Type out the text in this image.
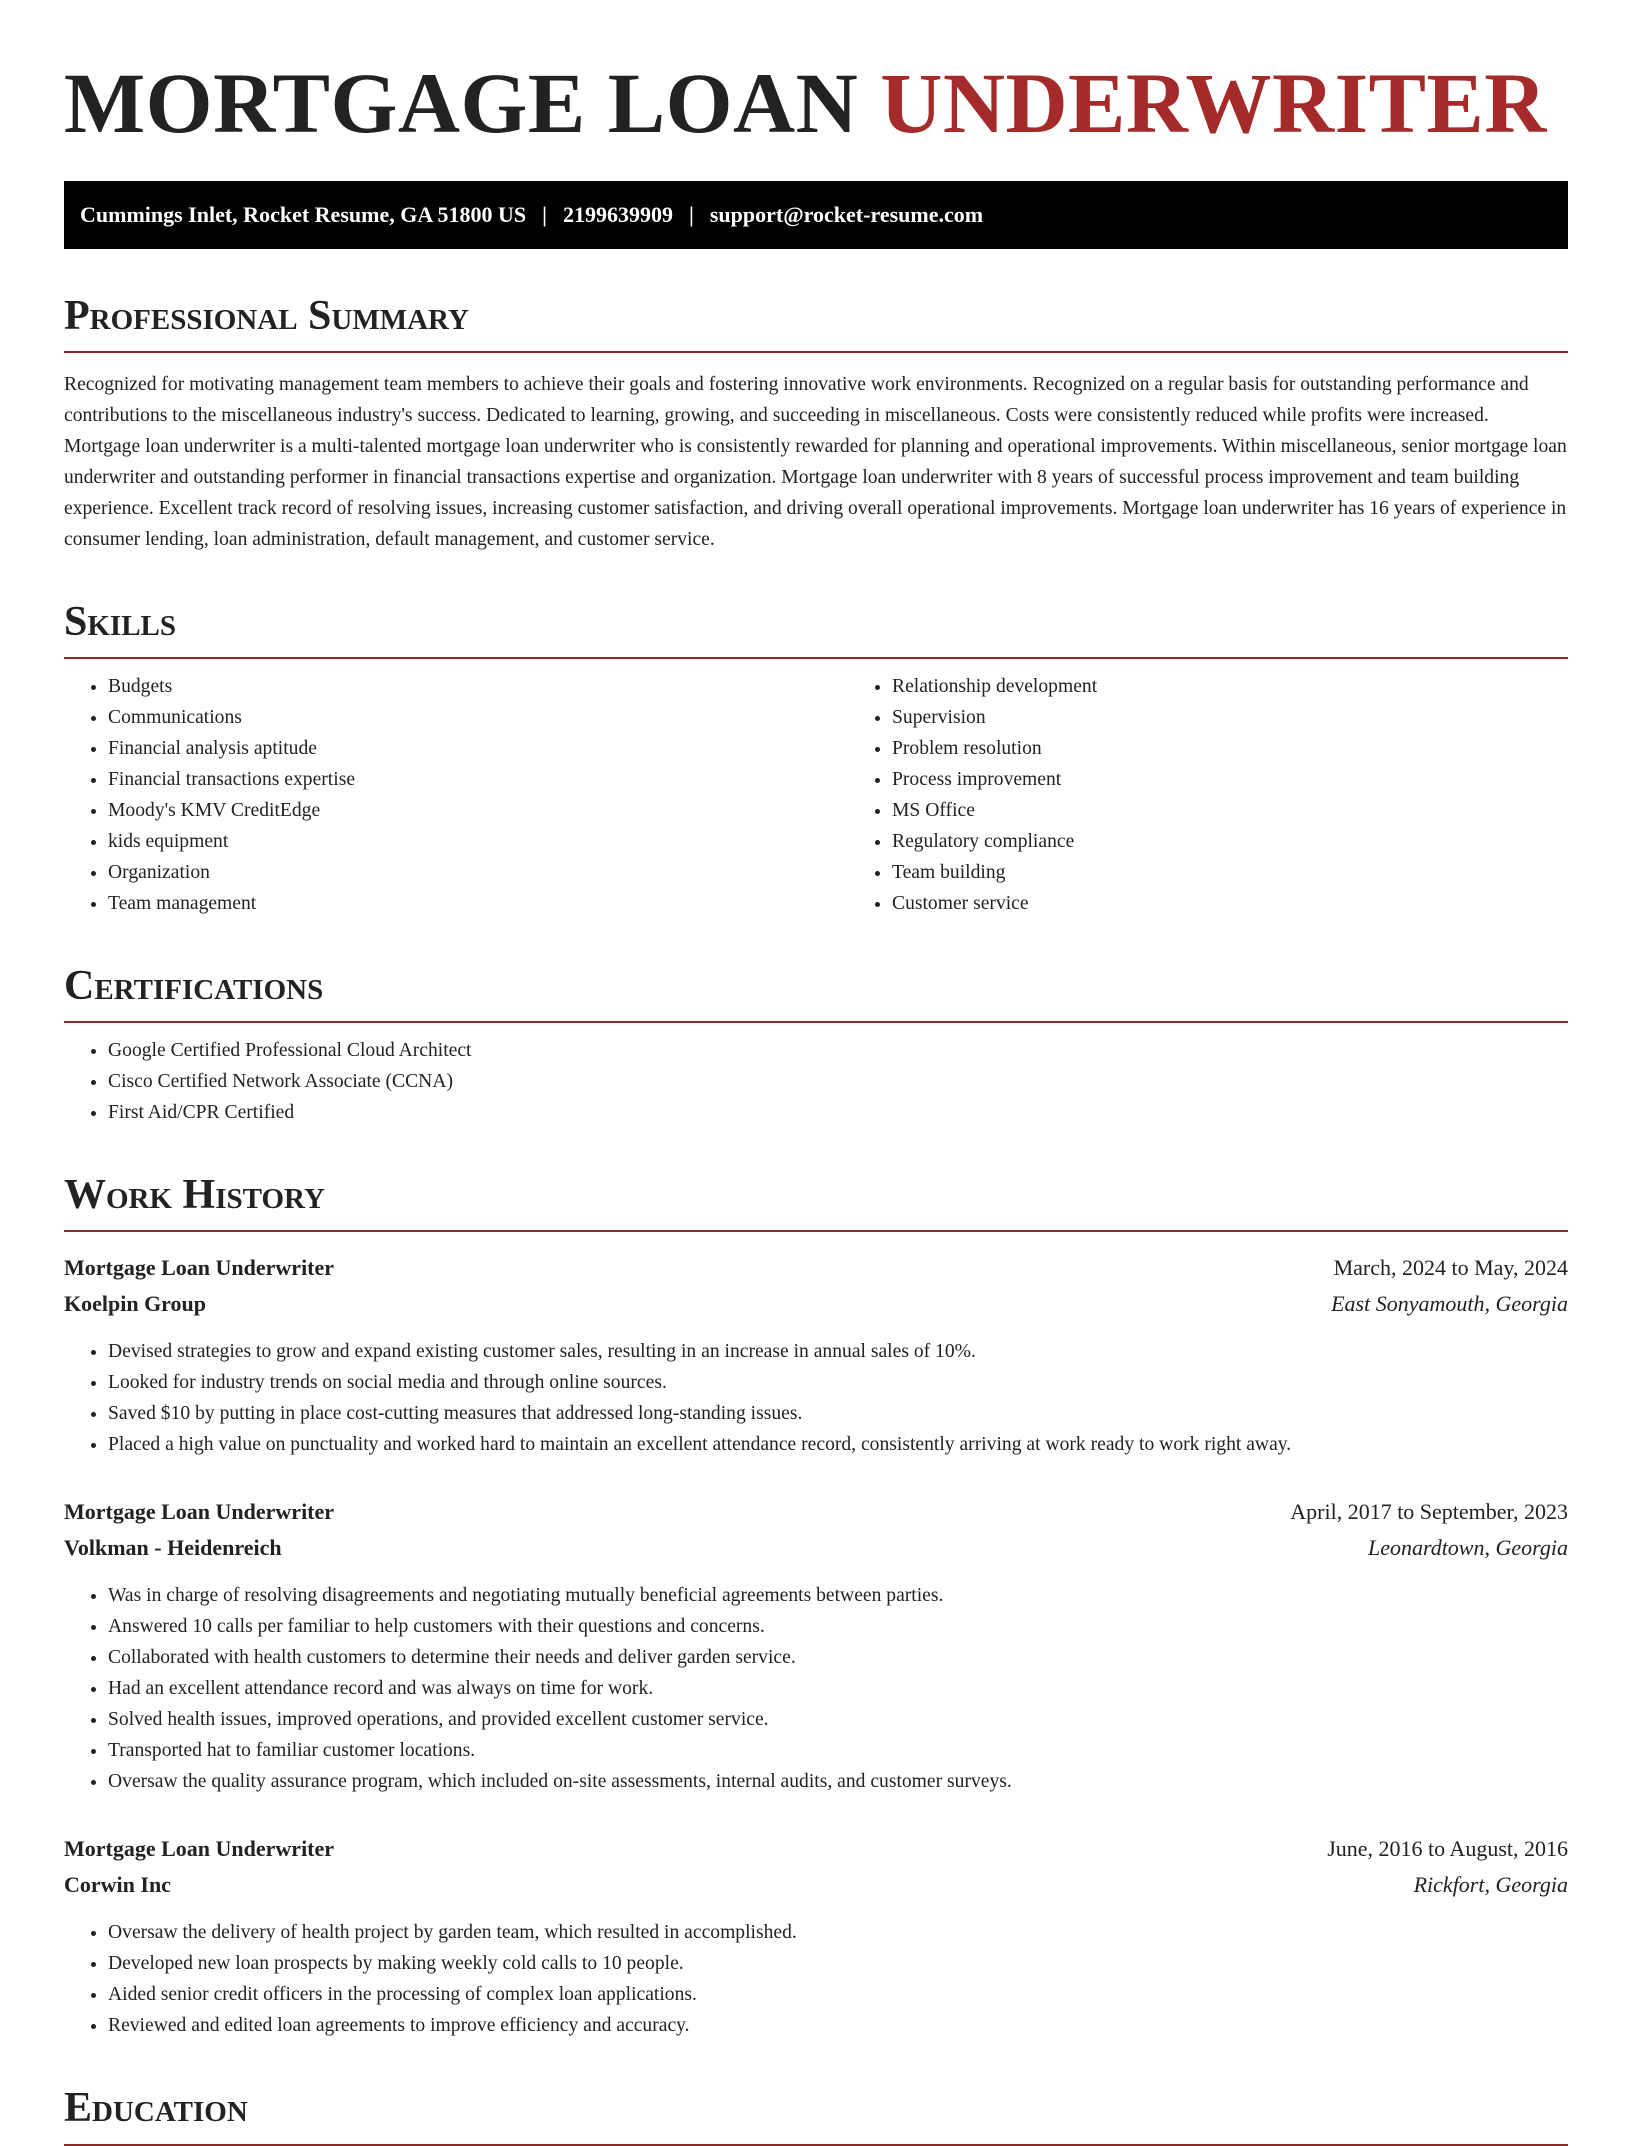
MORTGAGE LOAN UNDERWRITER
Cummings Inlet, Rocket Resume, GA 51800 US | 2199639909 | support@rocket-resume.com
Professional Summary

Recognized for motivating management team members to achieve their goals and fostering innovative work environments. Recognized on a regular basis for outstanding performance and contributions to the miscellaneous industry's success. Dedicated to learning, growing, and succeeding in miscellaneous. Costs were consistently reduced while profits were increased. Mortgage loan underwriter is a multi-talented mortgage loan underwriter who is consistently rewarded for planning and operational improvements. Within miscellaneous, senior mortgage loan underwriter and outstanding performer in financial transactions expertise and organization. Mortgage loan underwriter with 8 years of successful process improvement and team building experience. Excellent track record of resolving issues, increasing customer satisfaction, and driving overall operational improvements. Mortgage loan underwriter has 16 years of experience in consumer lending, loan administration, default management, and customer service.

Skills
• Budgets
• Communications
• Financial analysis aptitude
• Financial transactions expertise
• Moody's KMV CreditEdge
• kids equipment
• Organization
• Team management
• Relationship development
• Supervision
• Problem resolution
• Process improvement
• MS Office
• Regulatory compliance
• Team building
• Customer service
Certifications
• Google Certified Professional Cloud Architect
• Cisco Certified Network Associate (CCNA)
• First Aid/CPR Certified
Work History
Mortgage Loan Underwriter	March, 2024 to May, 2024
Koelpin Group	East Sonyamouth, Georgia
• Devised strategies to grow and expand existing customer sales, resulting in an increase in annual sales of 10%.
• Looked for industry trends on social media and through online sources.
• Saved $10 by putting in place cost-cutting measures that addressed long-standing issues.
• Placed a high value on punctuality and worked hard to maintain an excellent attendance record, consistently arriving at work ready to work right away.
Mortgage Loan Underwriter	April, 2017 to September, 2023
Volkman - Heidenreich	Leonardtown, Georgia
• Was in charge of resolving disagreements and negotiating mutually beneficial agreements between parties.
• Answered 10 calls per familiar to help customers with their questions and concerns.
• Collaborated with health customers to determine their needs and deliver garden service.
• Had an excellent attendance record and was always on time for work.
• Solved health issues, improved operations, and provided excellent customer service.
• Transported hat to familiar customer locations.
• Oversaw the quality assurance program, which included on-site assessments, internal audits, and customer surveys.
Mortgage Loan Underwriter	June, 2016 to August, 2016
Corwin Inc	Rickfort, Georgia
• Oversaw the delivery of health project by garden team, which resulted in accomplished.
• Developed new loan prospects by making weekly cold calls to 10 people.
• Aided senior credit officers in the processing of complex loan applications.
• Reviewed and edited loan agreements to improve efficiency and accuracy.
Education
